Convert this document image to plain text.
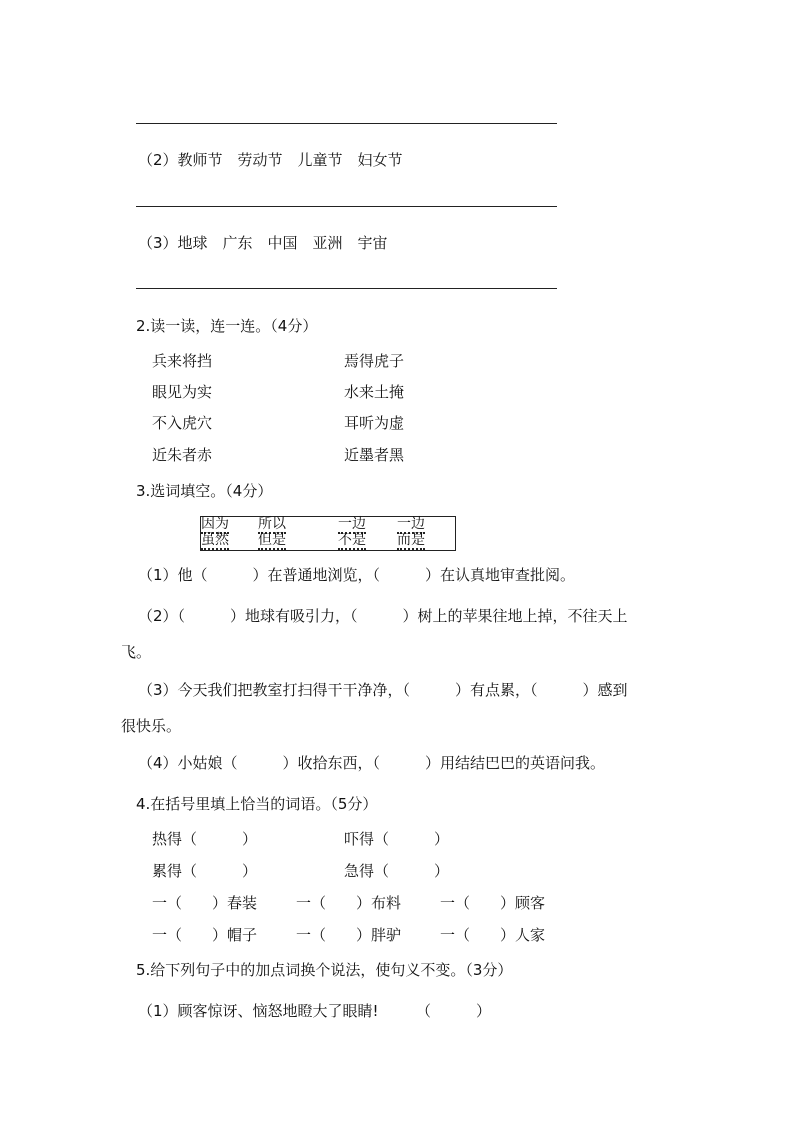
（2）教师节　劳动节　儿童节　妇女节
（3）地球　广东　中国　亚洲　宇宙
2.读一读，连一连。（4分）
兵来将挡	焉得虎子
眼见为实	水来土掩
不入虎穴	耳听为虚
近朱者赤	近墨者黑
3.选词填空。（4分）
因为 所以	一边 一边
虽然 但是	不是 而是
（1）他（　　　）在普通地浏览，（　　　）在认真地审查批阅。
（2）（　　　）地球有吸引力，（　　　）树上的苹果往地上掉，不往天上
飞。
（3）今天我们把教室打扫得干干净净，（　　　）有点累，（　　　）感到
很快乐。
（4）小姑娘（　　　）收拾东西，（　　　）用结结巴巴的英语问我。
4.在括号里填上恰当的词语。（5分）
热得（　　　）	吓得（　　　）
累得（　　　）	急得（　　　）
一（　　）春装	一（　　）布料	一（　　）顾客
一（　　）帽子	一（　　）胖驴	一（　　）人家
5.给下列句子中的加点词换个说法，使句义不变。（3分）
（1）顾客惊讶、恼怒地瞪大了眼睛!　　　（　　　）
